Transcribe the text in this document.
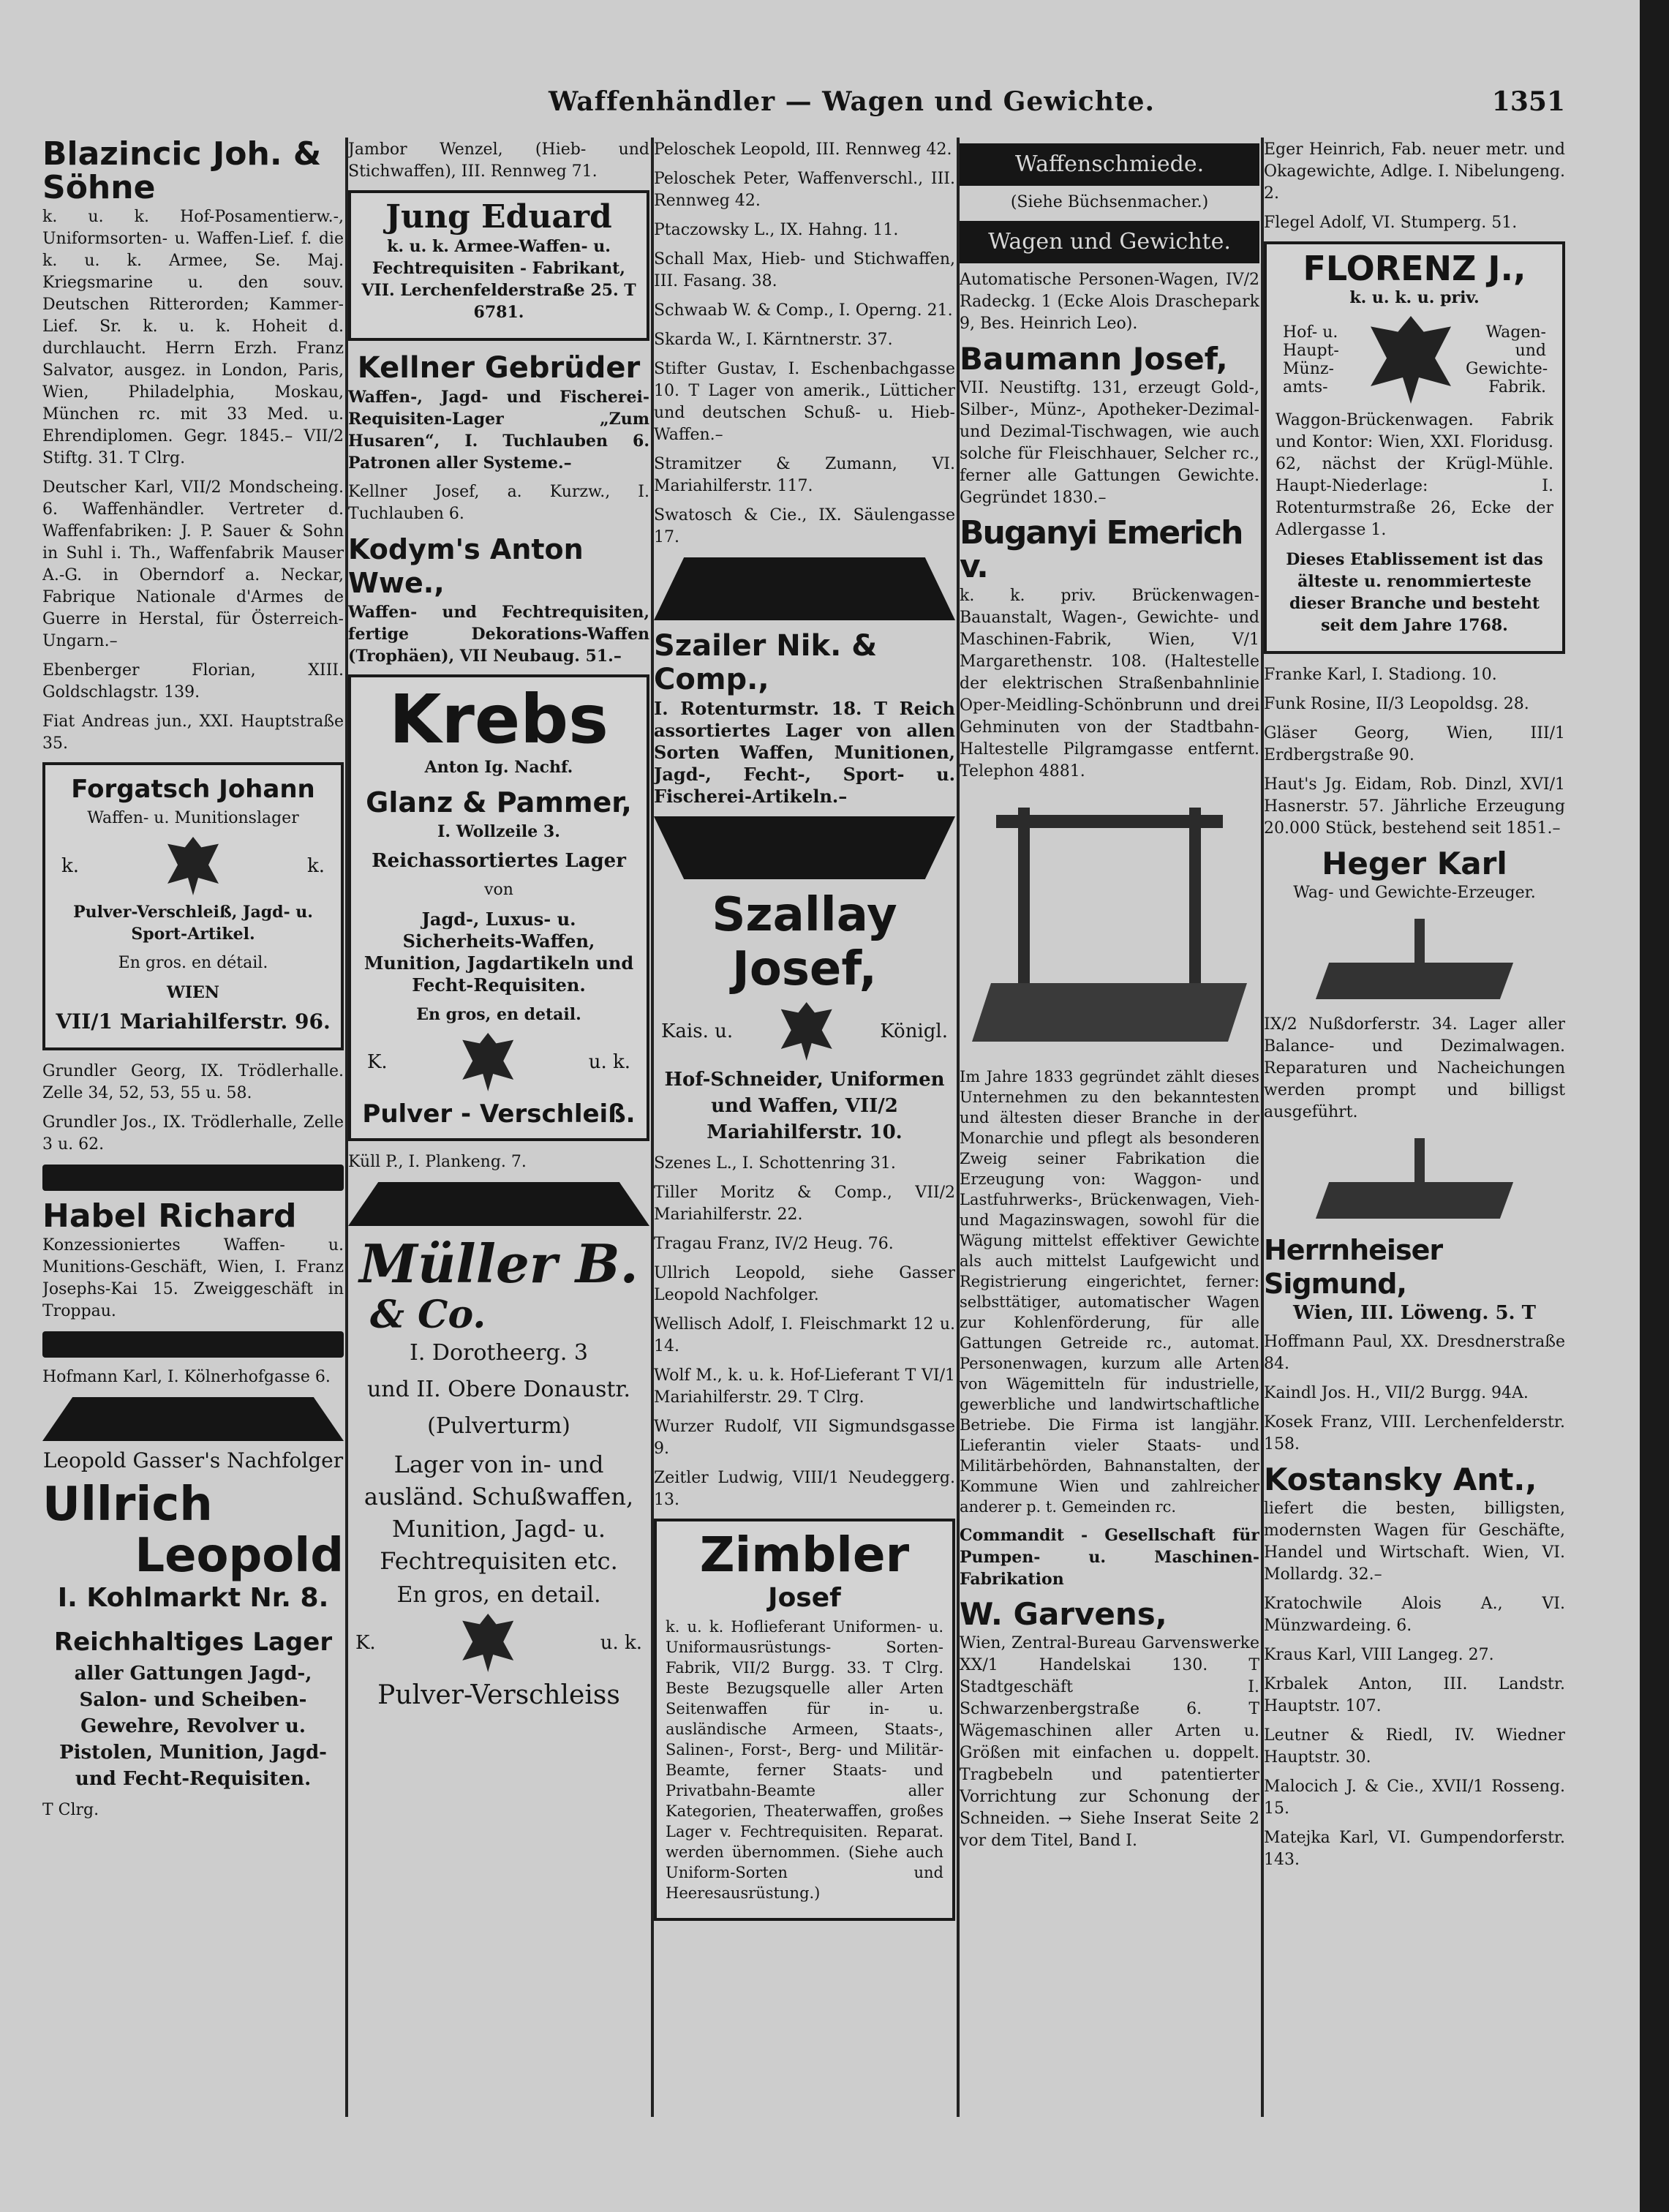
Waffenhändler — Wagen und Gewichte.	1351
Blazincic Joh. & Söhne
k. u. k. Hof-Posamentierw.-, Uniformsorten- u. Waffen-Lief. f. die k. u. k. Armee, Se. Maj. Kriegsmarine u. den souv. Deutschen Ritterorden; Kammer-Lief. Sr. k. u. k. Hoheit d. durchlaucht. Herrn Erzh. Franz Salvator, ausgez. in London, Paris, Wien, Philadelphia, Moskau, München rc. mit 33 Med. u. Ehrendiplomen. Gegr. 1845.– VII/2 Stiftg. 31. T Clrg.
Deutscher Karl, VII/2 Mondscheing. 6. Waffenhändler. Vertreter d. Waffenfabriken: J. P. Sauer & Sohn in Suhl i. Th., Waffenfabrik Mauser A.-G. in Oberndorf a. Neckar, Fabrique Nationale d'Armes de Guerre in Herstal, für Österreich-Ungarn.–
Ebenberger Florian, XIII. Goldschlagstr. 139.
Fiat Andreas jun., XXI. Hauptstraße 35.
Forgatsch Johann
Waffen- u. Munitionslager
k.	k.
Pulver-Verschleiß, Jagd- u. Sport-Artikel.
En gros. en détail.
WIEN
VII/1 Mariahilferstr. 96.
Grundler Georg, IX. Trödlerhalle. Zelle 34, 52, 53, 55 u. 58.
Grundler Jos., IX. Trödlerhalle, Zelle 3 u. 62.
Habel Richard
Konzessioniertes Waffen- u. Munitions-Geschäft, Wien, I. Franz Josephs-Kai 15. Zweiggeschäft in Troppau.
Hofmann Karl, I. Kölnerhofgasse 6.
Leopold Gasser's Nachfolger
Ullrich
Leopold
I. Kohlmarkt Nr. 8.
Reichhaltiges Lager
aller Gattungen Jagd-, Salon- und Scheiben-Gewehre, Revolver u. Pistolen, Munition, Jagd- und Fecht-Requisiten.
T Clrg.
Jambor Wenzel, (Hieb- und Stichwaffen), III. Rennweg 71.
Jung Eduard
k. u. k. Armee-Waffen- u. Fechtrequisiten - Fabrikant, VII. Lerchenfelderstraße 25. T 6781.
Kellner Gebrüder
Waffen-, Jagd- und Fischerei-Requisiten-Lager „Zum Husaren“, I. Tuchlauben 6. Patronen aller Systeme.–
Kellner Josef, a. Kurzw., I. Tuchlauben 6.
Kodym's Anton Wwe.,
Waffen- und Fechtrequisiten, fertige Dekorations-Waffen (Trophäen), VII Neubaug. 51.–
Krebs
Anton Ig. Nachf.
Glanz & Pammer,
I. Wollzeile 3.
Reichassortiertes Lager
von
Jagd-, Luxus- u. Sicherheits-Waffen, Munition, Jagdartikeln und Fecht-Requisiten.
En gros, en detail.
K.	u. k.
Pulver - Verschleiß.
Küll P., I. Plankeng. 7.
Müller B.
& Co.
I. Dorotheerg. 3
und II. Obere Donaustr.
(Pulverturm)
Lager von in- und ausländ. Schußwaffen, Munition, Jagd- u. Fechtrequisiten etc.
En gros, en detail.
K.	u. k.
Pulver-Verschleiss
Peloschek Leopold, III. Rennweg 42.
Peloschek Peter, Waffenverschl., III. Rennweg 42.
Ptaczowsky L., IX. Hahng. 11.
Schall Max, Hieb- und Stichwaffen, III. Fasang. 38.
Schwaab W. & Comp., I. Operng. 21.
Skarda W., I. Kärntnerstr. 37.
Stifter Gustav, I. Eschenbachgasse 10. T Lager von amerik., Lütticher und deutschen Schuß- u. Hieb-Waffen.–
Stramitzer & Zumann, VI. Mariahilferstr. 117.
Swatosch & Cie., IX. Säulengasse 17.
Szailer Nik. & Comp.,
I. Rotenturmstr. 18. T Reich assortiertes Lager von allen Sorten Waffen, Munitionen, Jagd-, Fecht-, Sport- u. Fischerei-Artikeln.–
Szallay Josef,
Kais. u.	Königl.
Hof-Schneider, Uniformen und Waffen, VII/2 Mariahilferstr. 10.
Szenes L., I. Schottenring 31.
Tiller Moritz & Comp., VII/2 Mariahilferstr. 22.
Tragau Franz, IV/2 Heug. 76.
Ullrich Leopold, siehe Gasser Leopold Nachfolger.
Wellisch Adolf, I. Fleischmarkt 12 u. 14.
Wolf M., k. u. k. Hof-Lieferant T VI/1 Mariahilferstr. 29. T Clrg.
Wurzer Rudolf, VII Sigmundsgasse 9.
Zeitler Ludwig, VIII/1 Neudeggerg. 13.
Zimbler
Josef
k. u. k. Hoflieferant Uniformen- u. Uniformausrüstungs- Sorten-Fabrik, VII/2 Burgg. 33. T Clrg. Beste Bezugsquelle aller Arten Seitenwaffen für in- u. ausländische Armeen, Staats-, Salinen-, Forst-, Berg- und Militär-Beamte, ferner Staats- und Privatbahn-Beamte aller Kategorien, Theaterwaffen, großes Lager v. Fechtrequisiten. Reparat. werden übernommen. (Siehe auch Uniform-Sorten und Heeresausrüstung.)
Waffenschmiede.
(Siehe Büchsenmacher.)
Wagen und Gewichte.
Automatische Personen-Wagen, IV/2 Radeckg. 1 (Ecke Alois Draschepark 9, Bes. Heinrich Leo).
Baumann Josef,
VII. Neustiftg. 131, erzeugt Gold-, Silber-, Münz-, Apotheker-Dezimal- und Dezimal-Tischwagen, wie auch solche für Fleischhauer, Selcher rc., ferner alle Gattungen Gewichte. Gegründet 1830.–
Buganyi Emerich v.
k. k. priv. Brückenwagen-Bauanstalt, Wagen-, Gewichte- und Maschinen-Fabrik, Wien, V/1 Margarethenstr. 108. (Haltestelle der elektrischen Straßenbahnlinie Oper-Meidling-Schönbrunn und drei Gehminuten von der Stadtbahn-Haltestelle Pilgramgasse entfernt. Telephon 4881.
Im Jahre 1833 gegründet zählt dieses Unternehmen zu den bekanntesten und ältesten dieser Branche in der Monarchie und pflegt als besonderen Zweig seiner Fabrikation die Erzeugung von: Waggon- und Lastfuhrwerks-, Brückenwagen, Vieh- und Magazinswagen, sowohl für die Wägung mittelst effektiver Gewichte als auch mittelst Laufgewicht und Registrierung eingerichtet, ferner: selbsttätiger, automatischer Wagen zur Kohlenförderung, für alle Gattungen Getreide rc., automat. Personenwagen, kurzum alle Arten von Wägemitteln für industrielle, gewerbliche und landwirtschaftliche Betriebe. Die Firma ist langjähr. Lieferantin vieler Staats- und Militärbehörden, Bahnanstalten, der Kommune Wien und zahlreicher anderer p. t. Gemeinden rc.
Commandit - Gesellschaft für Pumpen- u. Maschinen-Fabrikation
W. Garvens,
Wien, Zentral-Bureau Garvenswerke XX/1 Handelskai 130. T Stadtgeschäft I. Schwarzenbergstraße 6. T Wägemaschinen aller Arten u. Größen mit einfachen u. doppelt. Tragbebeln und patentierter Vorrichtung zur Schonung der Schneiden. → Siehe Inserat Seite 2 vor dem Titel, Band I.
Eger Heinrich, Fab. neuer metr. und Okagewichte, Adlge. I. Nibelungeng. 2.
Flegel Adolf, VI. Stumperg. 51.
FLORENZ J.,
k. u. k. u. priv.
Hof- u. Haupt- Münz- amts-
Wagen- und Gewichte- Fabrik.
Waggon-Brückenwagen. Fabrik und Kontor: Wien, XXI. Floridusg. 62, nächst der Krügl-Mühle. Haupt-Niederlage: I. Rotenturmstraße 26, Ecke der Adlergasse 1.
Dieses Etablissement ist das älteste u. renommierteste dieser Branche und besteht seit dem Jahre 1768.
Franke Karl, I. Stadiong. 10.
Funk Rosine, II/3 Leopoldsg. 28.
Gläser Georg, Wien, III/1 Erdbergstraße 90.
Haut's Jg. Eidam, Rob. Dinzl, XVI/1 Hasnerstr. 57. Jährliche Erzeugung 20.000 Stück, bestehend seit 1851.–
Heger Karl
Wag- und Gewichte-Erzeuger.
IX/2 Nußdorferstr. 34. Lager aller Balance- und Dezimalwagen. Reparaturen und Nacheichungen werden prompt und billigst ausgeführt.
Herrnheiser Sigmund,
Wien, III. Löweng. 5. T
Hoffmann Paul, XX. Dresdnerstraße 84.
Kaindl Jos. H., VII/2 Burgg. 94A.
Kosek Franz, VIII. Lerchenfelderstr. 158.
Kostansky Ant.,
liefert die besten, billigsten, modernsten Wagen für Geschäfte, Handel und Wirtschaft. Wien, VI. Mollardg. 32.–
Kratochwile Alois A., VI. Münzwardeing. 6.
Kraus Karl, VIII Langeg. 27.
Krbalek Anton, III. Landstr. Hauptstr. 107.
Leutner & Riedl, IV. Wiedner Hauptstr. 30.
Malocich J. & Cie., XVII/1 Rosseng. 15.
Matejka Karl, VI. Gumpendorferstr. 143.
